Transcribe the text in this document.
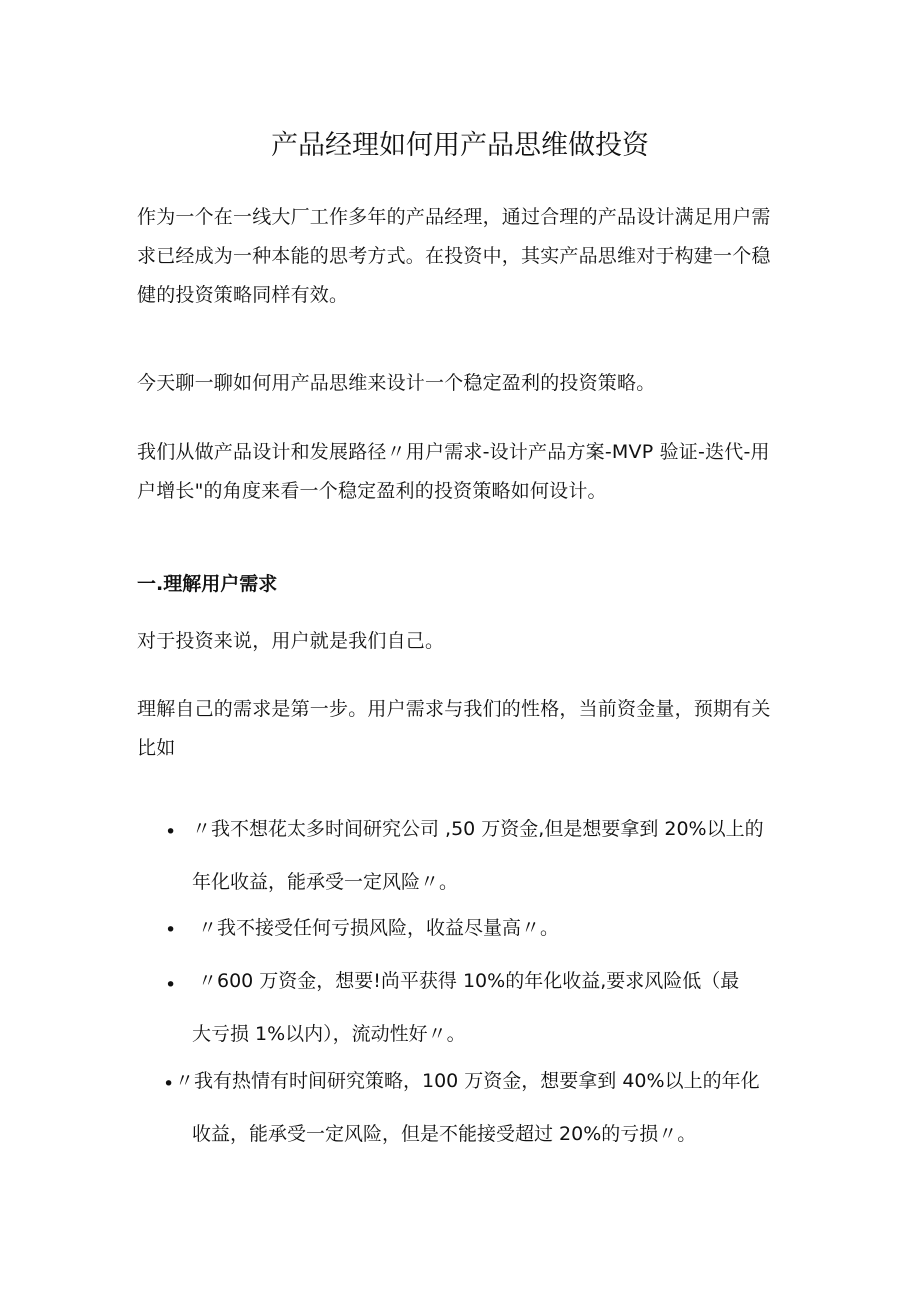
产品经理如何用产品思维做投资

作为一个在一线大厂工作多年的产品经理，通过合理的产品设计满足用户需求已经成为一种本能的思考方式。在投资中，其实产品思维对于构建一个稳健的投资策略同样有效。

今天聊一聊如何用产品思维来设计一个稳定盈利的投资策略。

我们从做产品设计和发展路径〃用户需求-设计产品方案-MVP 验证-迭代-用户增长"的角度来看一个稳定盈利的投资策略如何设计。

一.理解用户需求

对于投资来说，用户就是我们自己。

理解自己的需求是第一步。用户需求与我们的性格，当前资金量，预期有关比如

• 〃我不想花太多时间研究公司 ,50 万资金,但是想要拿到 20%以上的
年化收益，能承受一定风险〃。

• 〃我不接受任何亏损风险，收益尽量高〃。

• 〃600 万资金，想要!尚平获得 10%的年化收益,要求风险低（最
大亏损 1%以内），流动性好〃。

• 〃我有热情有时间研究策略，100 万资金，想要拿到 40%以上的年化
收益，能承受一定风险，但是不能接受超过 20%的亏损〃。
